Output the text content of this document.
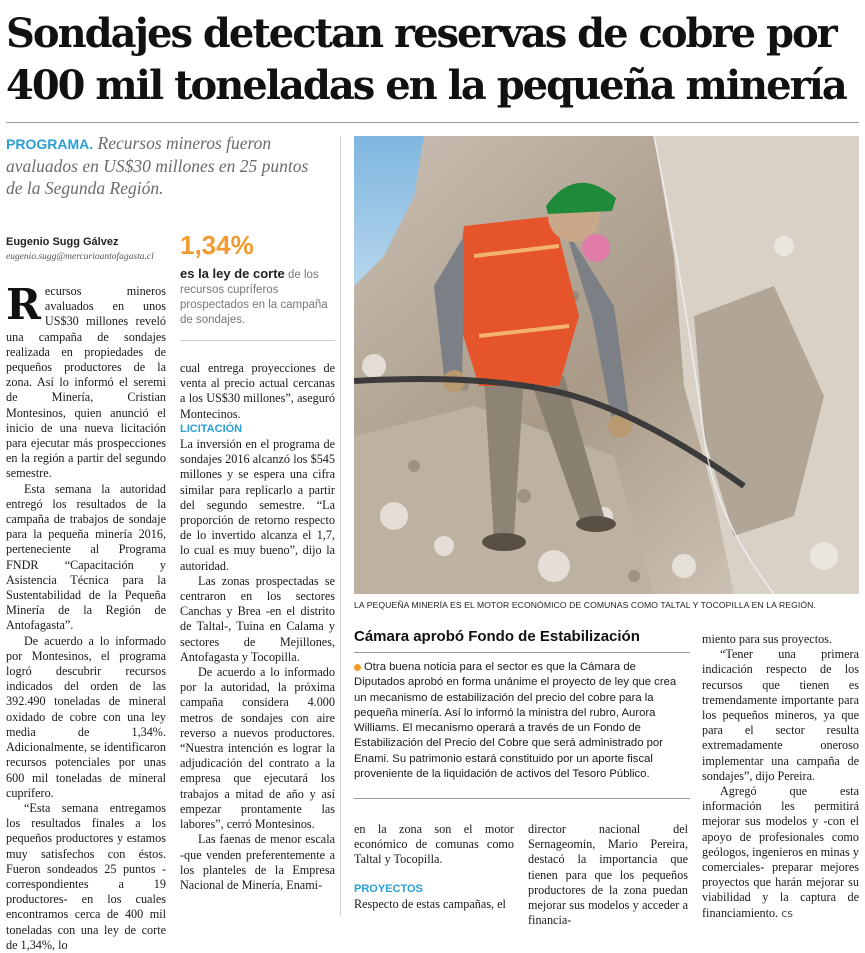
Sondajes detectan reservas de cobre por
400 mil toneladas en la pequeña minería
PROGRAMA. Recursos mineros fueron avaluados en US$30 millones en 25 puntos de la Segunda Región.
Eugenio Sugg Gálvez
eugenio.sugg@mercurioantofagasta.cl 1,34%
es la ley de corte de los recursos cupríferos prospectados en la campaña de sondajes.

Recursos mineros avaluados en unos US$30 millones reveló una campaña de sondajes realizada en propiedades de pequeños productores de la zona. Así lo informó el seremi de Minería, Cristian Montesinos, quien anunció el inicio de una nueva licitación para ejecutar más prospecciones en la región a partir del segundo semestre.

Esta semana la autoridad entregó los resultados de la campaña de trabajos de sondaje para la pequeña minería 2016, perteneciente al Programa FNDR “Capacitación y Asistencia Técnica para la Sustentabilidad de la Pequeña Minería de la Región de Antofagasta”.

De acuerdo a lo informado por Montesinos, el programa logró descubrir recursos indicados del orden de las 392.490 toneladas de mineral oxidado de cobre con una ley media de 1,34%. Adicionalmente, se identificaron recursos potenciales por unas 600 mil toneladas de mineral cuprífero.

“Esta semana entregamos los resultados finales a los pequeños productores y estamos muy satisfechos con éstos. Fueron sondeados 25 puntos -correspondientes a 19 productores- en los cuales encontramos cerca de 400 mil toneladas con una ley de corte de 1,34%, lo

cual entrega proyecciones de venta al precio actual cercanas a los US$30 millones”, aseguró Montecinos.

LICITACIÓN

La inversión en el programa de sondajes 2016 alcanzó los $545 millones y se espera una cifra similar para replicarlo a partir del segundo semestre. “La proporción de retorno respecto de lo invertido alcanza el 1,7, lo cual es muy bueno”, dijo la autoridad.

Las zonas prospectadas se centraron en los sectores Canchas y Brea -en el distrito de Taltal-, Tuina en Calama y sectores de Mejillones, Antofagasta y Tocopilla.

De acuerdo a lo informado por la autoridad, la próxima campaña considera 4.000 metros de sondajes con aire reverso a nuevos productores. “Nuestra intención es lograr la adjudicación del contrato a la empresa que ejecutará los trabajos a mitad de año y así empezar prontamente las labores”, cerró Montesinos.

Las faenas de menor escala -que venden preferentemente a los planteles de la Empresa Nacional de Minería, Enami-

LA PEQUEÑA MINERÍA ES EL MOTOR ECONÓMICO DE COMUNAS COMO TALTAL Y TOCOPILLA EN LA REGIÓN.
Cámara aprobó Fondo de Estabilización
Otra buena noticia para el sector es que la Cámara de Diputados aprobó en forma unánime el proyecto de ley que crea un mecanismo de estabilización del precio del cobre para la pequeña minería. Así lo informó la ministra del rubro, Aurora Williams. El mecanismo operará a través de un Fondo de Estabilización del Precio del Cobre que será administrado por Enami. Su patrimonio estará constituido por un aporte fiscal proveniente de la liquidación de activos del Tesoro Público.

en la zona son el motor económico de comunas como Taltal y Tocopilla.

PROYECTOS

Respecto de estas campañas, el

director nacional del Sernageomin, Mario Pereira, destacó la importancia que tienen para que los pequeños productores de la zona puedan mejorar sus modelos y acceder a financia-

miento para sus proyectos.

“Tener una primera indicación respecto de los recursos que tienen es tremendamente importante para los pequeños mineros, ya que para el sector resulta extremadamente oneroso implementar una campaña de sondajes”, dijo Pereira.

Agregó que esta información les permitirá mejorar sus modelos y -con el apoyo de profesionales como geólogos, ingenieros en minas y comerciales- preparar mejores proyectos que harán mejorar su viabilidad y la captura de financiamiento. cs
